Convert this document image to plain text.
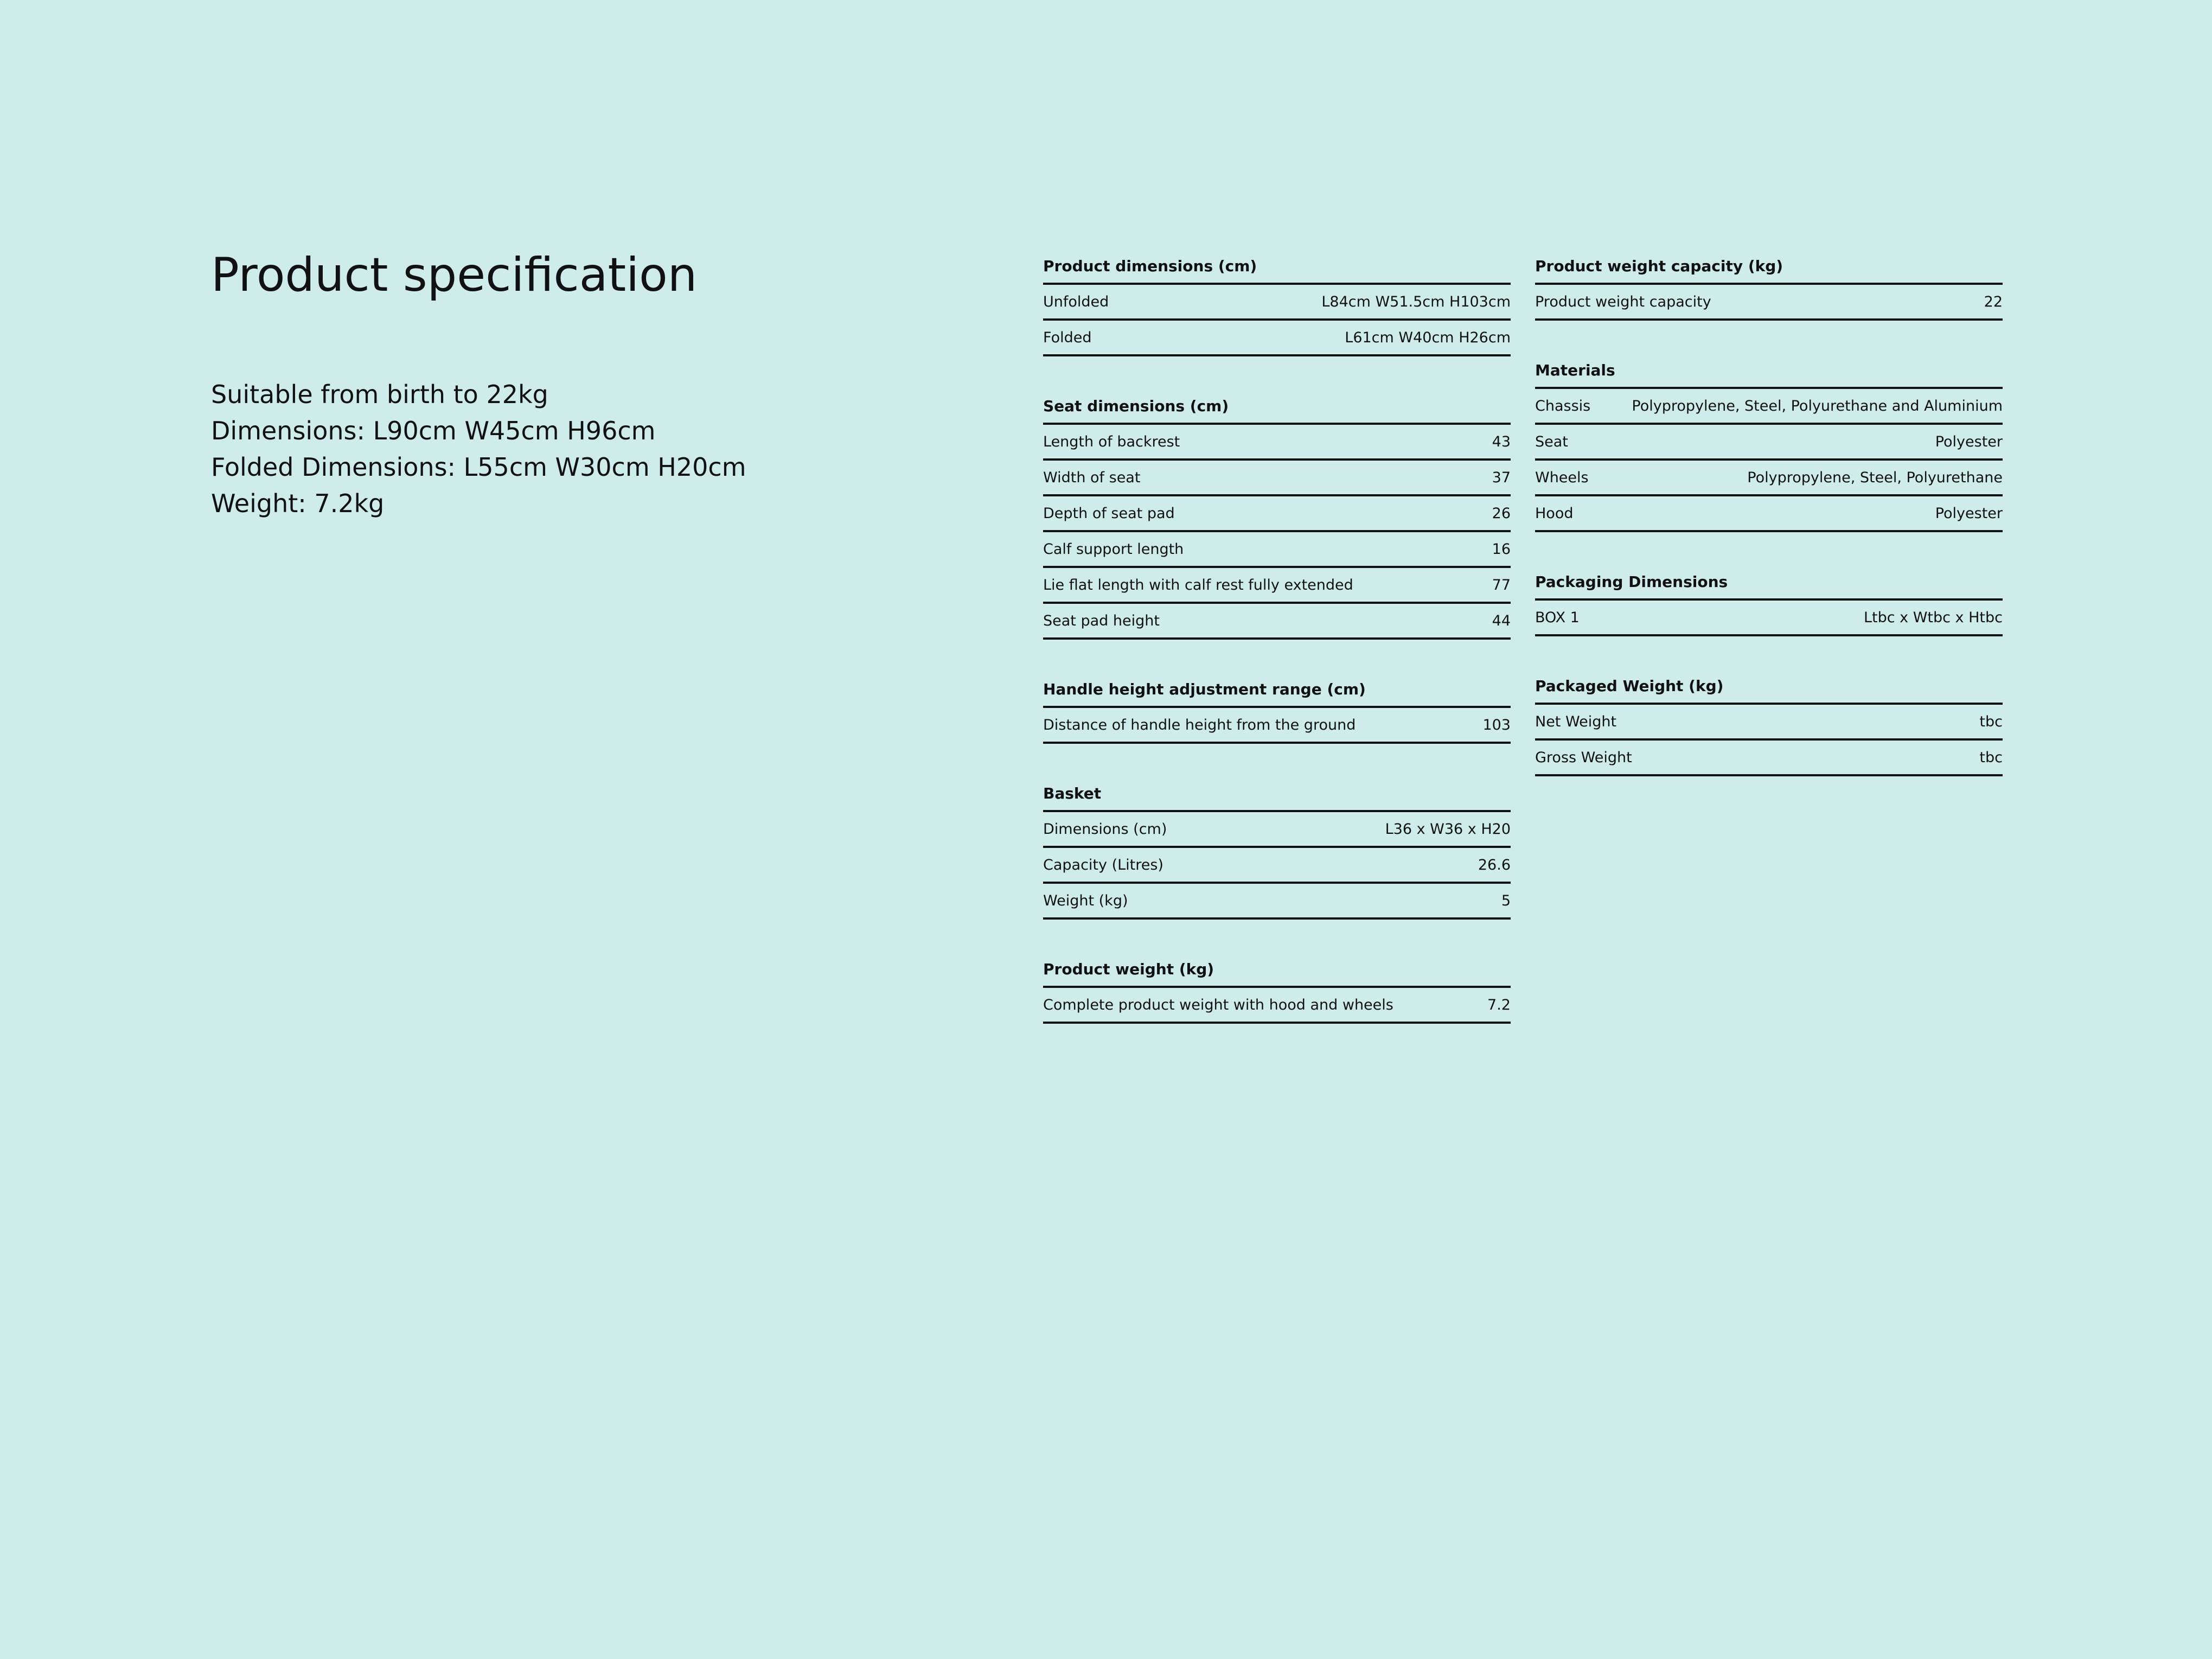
Product specification
Suitable from birth to 22kg
Dimensions: L90cm W45cm H96cm
Folded Dimensions: L55cm W30cm H20cm
Weight: 7.2kg
Product dimensions (cm)
Unfolded	L84cm W51.5cm H103cm
Folded	L61cm W40cm H26cm
Seat dimensions (cm)
Length of backrest	43
Width of seat	37
Depth of seat pad	26
Calf support length	16
Lie flat length with calf rest fully extended	77
Seat pad height	44
Handle height adjustment range (cm)
Distance of handle height from the ground	103
Basket
Dimensions (cm)	L36 x W36 x H20
Capacity (Litres)	26.6
Weight (kg)	5
Product weight (kg)
Complete product weight with hood and wheels	7.2
Product weight capacity (kg)
Product weight capacity	22
Materials
Chassis	Polypropylene, Steel, Polyurethane and Aluminium
Seat	Polyester
Wheels	Polypropylene, Steel, Polyurethane
Hood	Polyester
Packaging Dimensions
BOX 1	Ltbc x Wtbc x Htbc
Packaged Weight (kg)
Net Weight	tbc
Gross Weight	tbc
